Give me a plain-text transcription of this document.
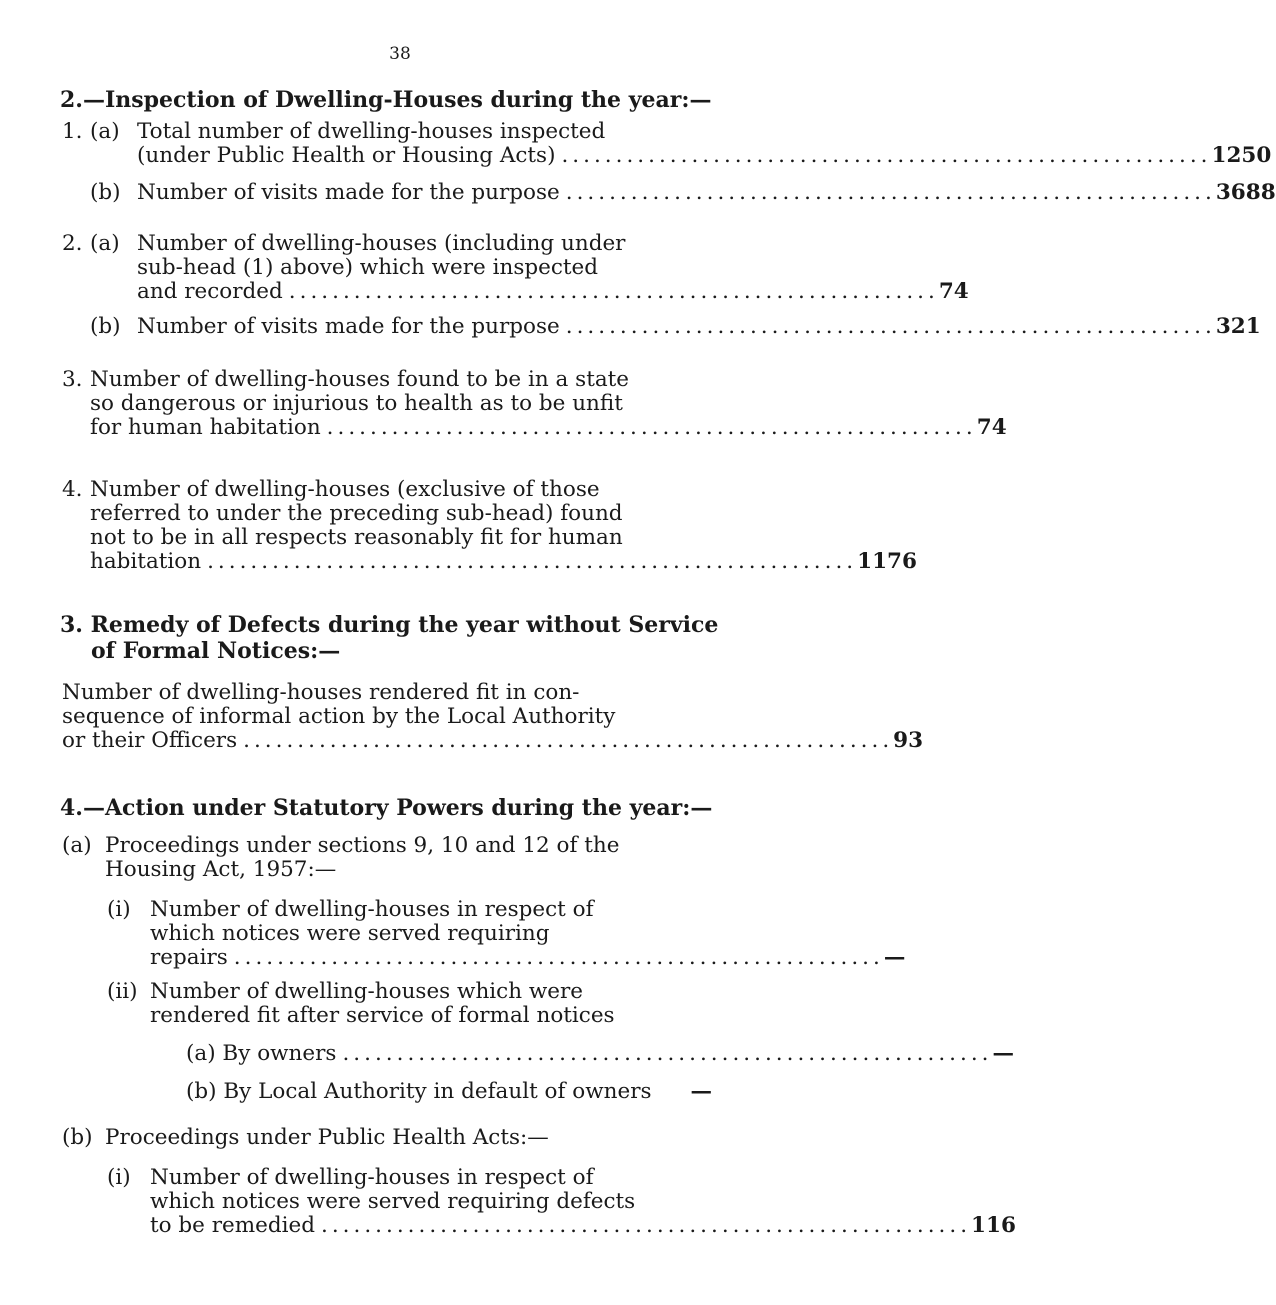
38
2.—Inspection of Dwelling-Houses during the year:—
1. (a) Total number of dwelling-houses inspected
(under Public Health or Housing Acts) ............................................................ 1250
(b) Number of visits made for the purpose ............................................................ 3688
2. (a) Number of dwelling-houses (including under
sub-head (1) above) which were inspected
and recorded ............................................................ 74
(b) Number of visits made for the purpose ............................................................ 321
3. Number of dwelling-houses found to be in a state
so dangerous or injurious to health as to be unfit
for human habitation ............................................................ 74
4. Number of dwelling-houses (exclusive of those
referred to under the preceding sub-head) found
not to be in all respects reasonably fit for human
habitation ............................................................ 1176
3. Remedy of Defects during the year without Service
of Formal Notices:—
Number of dwelling-houses rendered fit in con-
sequence of informal action by the Local Authority
or their Officers ............................................................ 93
4.—Action under Statutory Powers during the year:—
(a) Proceedings under sections 9, 10 and 12 of the
Housing Act, 1957:—
(i) Number of dwelling-houses in respect of
which notices were served requiring
repairs ............................................................ —
(ii) Number of dwelling-houses which were
rendered fit after service of formal notices
(a) By owners ............................................................ —
(b) By Local Authority in default of owners	—
(b) Proceedings under Public Health Acts:—
(i) Number of dwelling-houses in respect of
which notices were served requiring defects
to be remedied ............................................................ 116
